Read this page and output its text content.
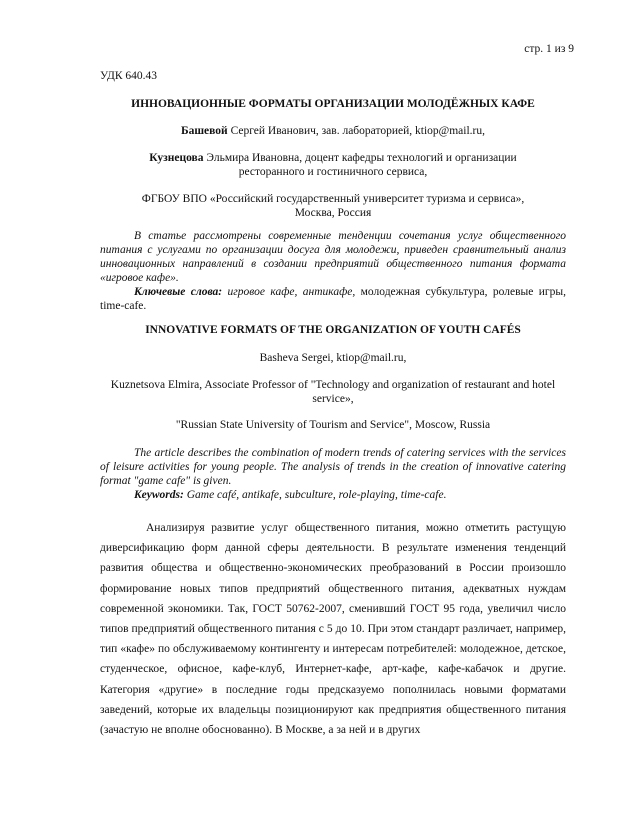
стр. 1 из 9
УДК 640.43
ИННОВАЦИОННЫЕ ФОРМАТЫ ОРГАНИЗАЦИИ МОЛОДЁЖНЫХ КАФЕ
Башевой Сергей Иванович, зав. лабораторией, ktiop@mail.ru,
Кузнецова Эльмира Ивановна, доцент кафедры технологий и организации ресторанного и гостиничного сервиса,
ФГБОУ ВПО «Российский государственный университет туризма и сервиса», Москва, Россия
В статье рассмотрены современные тенденции сочетания услуг общественного питания с услугами по организации досуга для молодежи, приведен сравнительный анализ инновационных направлений в создании предприятий общественного питания формата «игровое кафе».
Ключевые слова: игровое кафе, антикафе, молодежная субкультура, ролевые игры, time-cafe.
INNOVATIVE FORMATS OF THE ORGANIZATION OF YOUTH CAFÉS
Basheva Sergei, ktiop@mail.ru,
Kuznetsova Elmira, Associate Professor of "Technology and organization of restaurant and hotel service»,
"Russian State University of Tourism and Service", Moscow, Russia
The article describes the combination of modern trends of catering services with the services of leisure activities for young people. The analysis of trends in the creation of innovative catering format "game cafe" is given.
Keywords: Game café, antikafe, subculture, role-playing, time-cafe.
Анализируя развитие услуг общественного питания, можно отметить растущую диверсификацию форм данной сферы деятельности. В результате изменения тенденций развития общества и общественно-экономических преобразований в России произошло формирование новых типов предприятий общественного питания, адекватных нуждам современной экономики. Так, ГОСТ 50762-2007, сменивший ГОСТ 95 года, увеличил число типов предприятий общественного питания с 5 до 10. При этом стандарт различает, например, тип «кафе» по обслуживаемому контингенту и интересам потребителей: молодежное, детское, студенческое, офисное, кафе-клуб, Интернет-кафе, арт-кафе, кафе-кабачок и другие. Категория «другие» в последние годы предсказуемо пополнилась новыми форматами заведений, которые их владельцы позиционируют как предприятия общественного питания (зачастую не вполне обоснованно). В Москве, а за ней и в других
